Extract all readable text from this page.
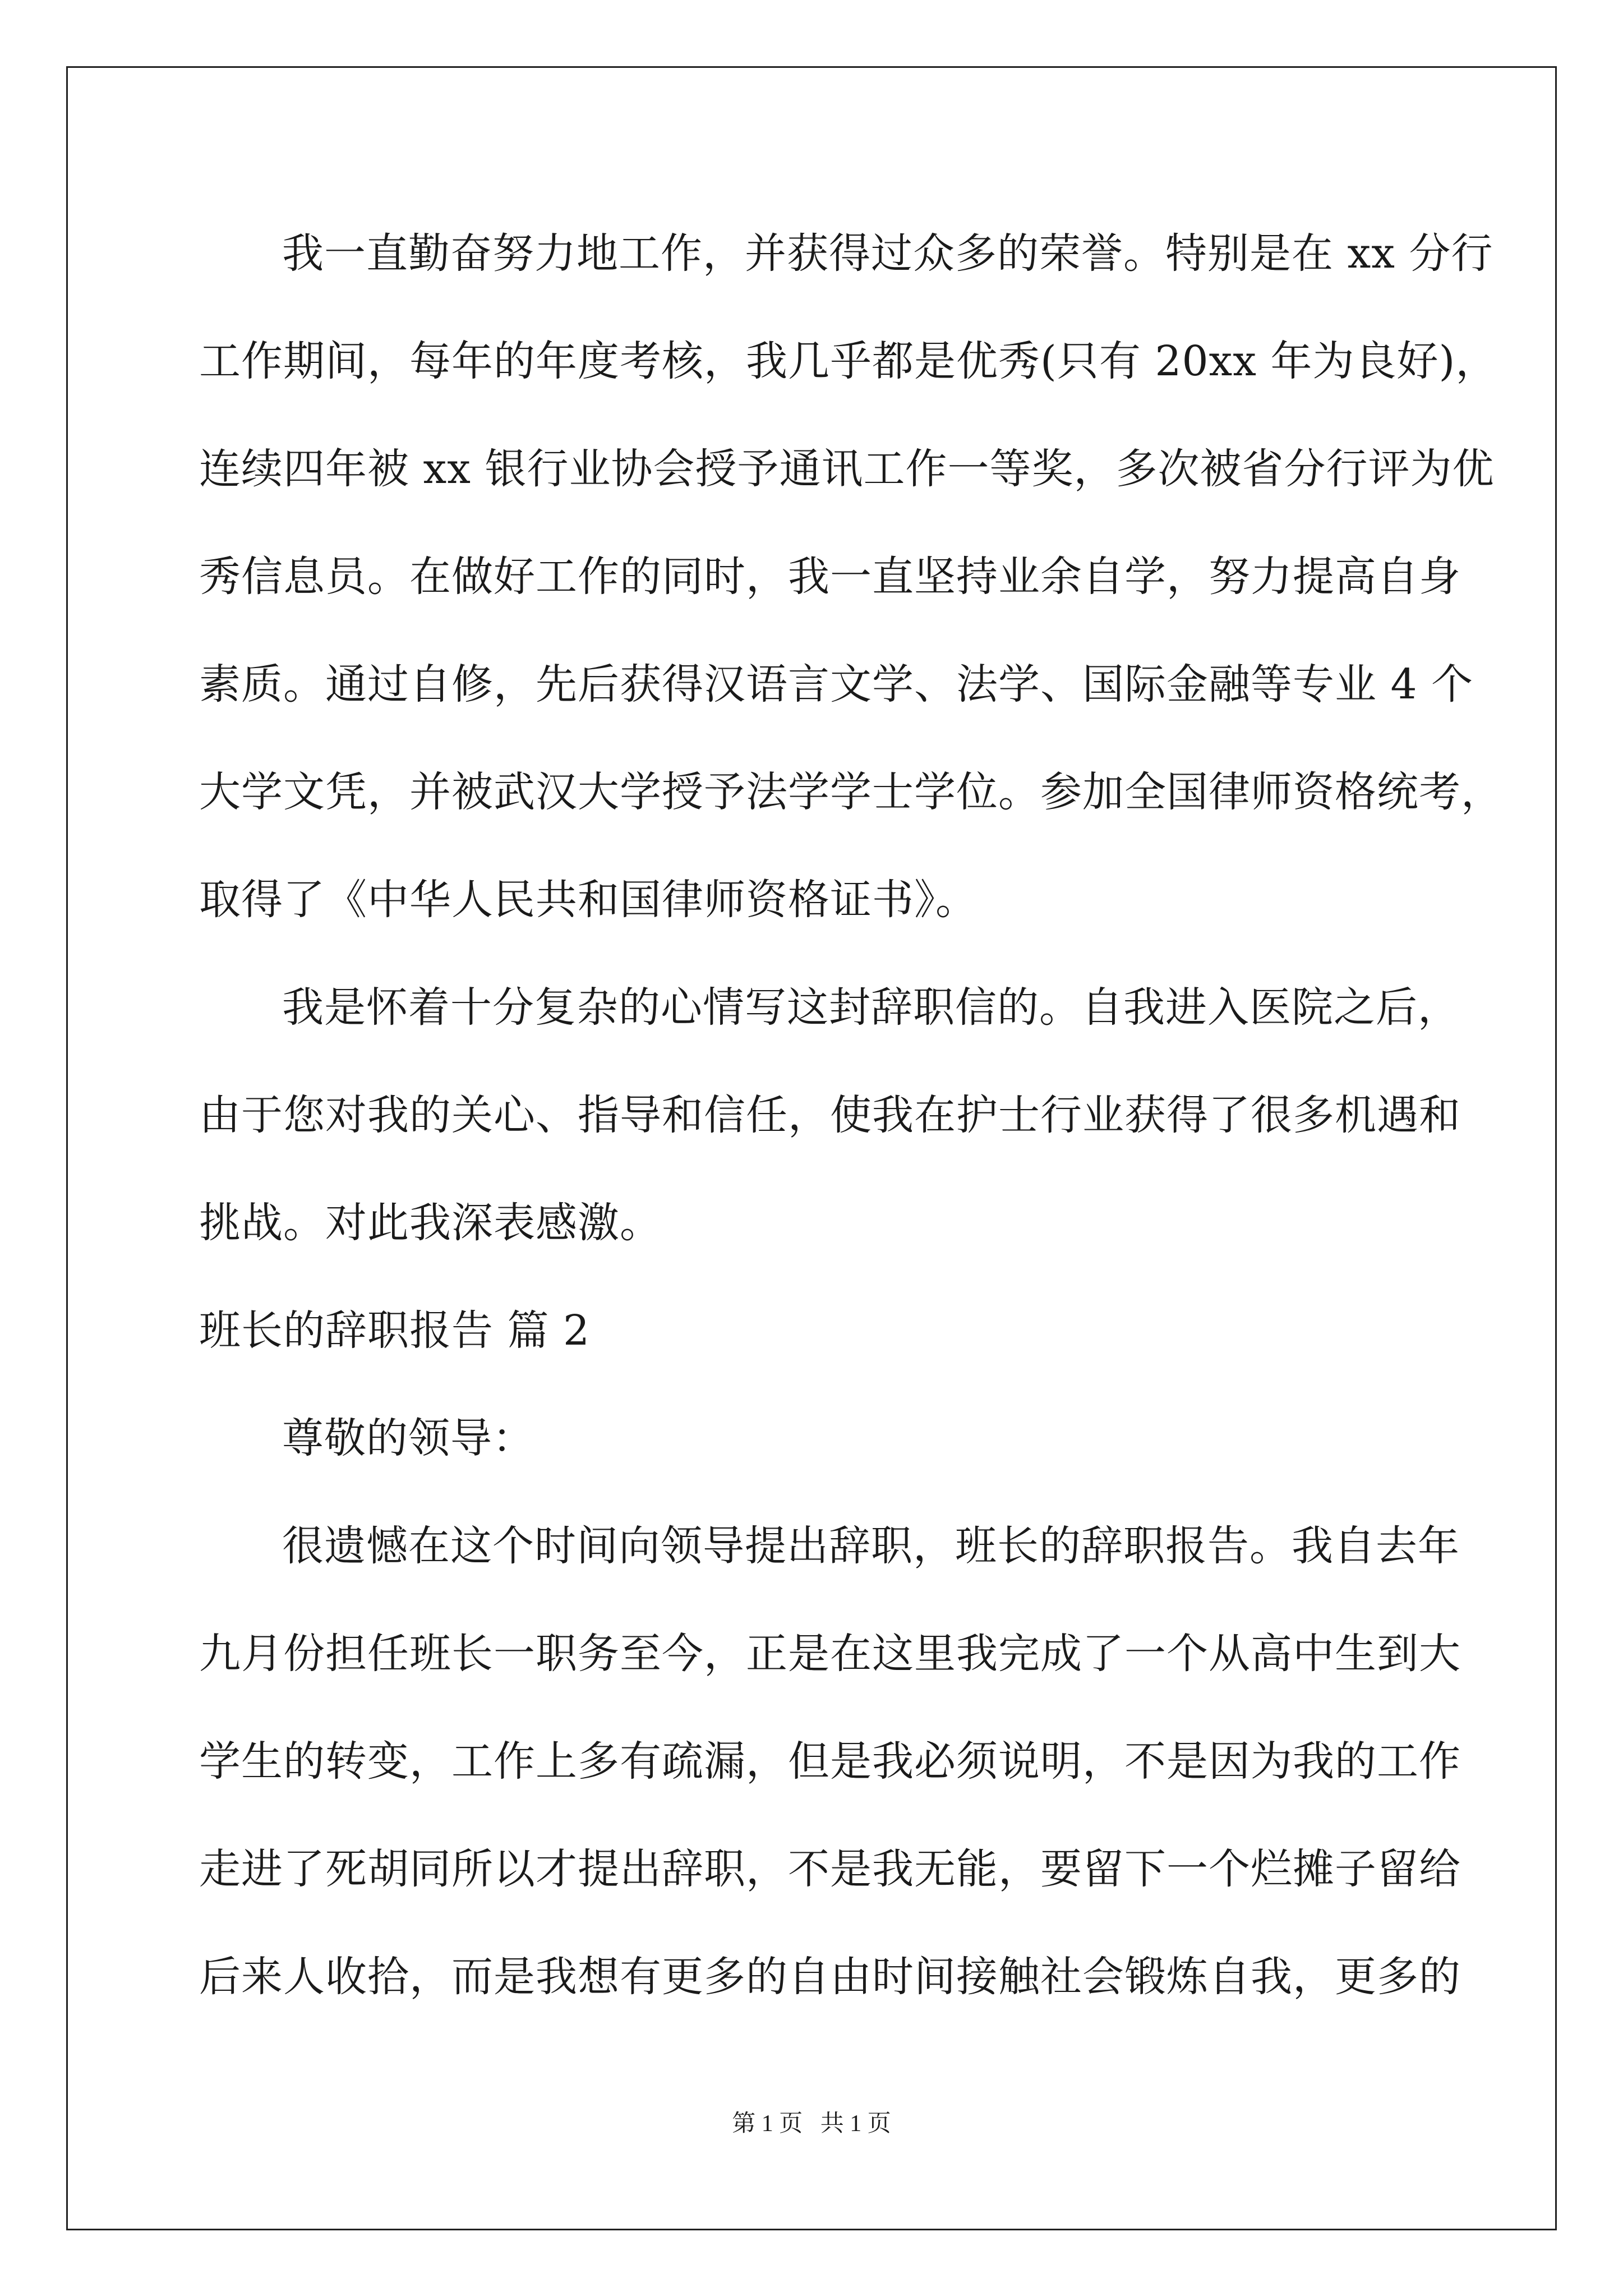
我一直勤奋努力地工作，并获得过众多的荣誉。特别是在 xx 分行
工作期间，每年的年度考核，我几乎都是优秀(只有 20xx 年为良好)，
连续四年被 xx 银行业协会授予通讯工作一等奖，多次被省分行评为优
秀信息员。在做好工作的同时，我一直坚持业余自学，努力提高自身
素质。通过自修，先后获得汉语言文学、法学、国际金融等专业 4 个
大学文凭，并被武汉大学授予法学学士学位。参加全国律师资格统考，
取得了《中华人民共和国律师资格证书》。
我是怀着十分复杂的心情写这封辞职信的。自我进入医院之后，
由于您对我的关心、指导和信任，使我在护士行业获得了很多机遇和
挑战。对此我深表感激。
班长的辞职报告 篇 2
尊敬的领导：
很遗憾在这个时间向领导提出辞职，班长的辞职报告。我自去年
九月份担任班长一职务至今，正是在这里我完成了一个从高中生到大
学生的转变，工作上多有疏漏，但是我必须说明，不是因为我的工作
走进了死胡同所以才提出辞职，不是我无能，要留下一个烂摊子留给
后来人收拾，而是我想有更多的自由时间接触社会锻炼自我，更多的
第 1 页   共 1 页
